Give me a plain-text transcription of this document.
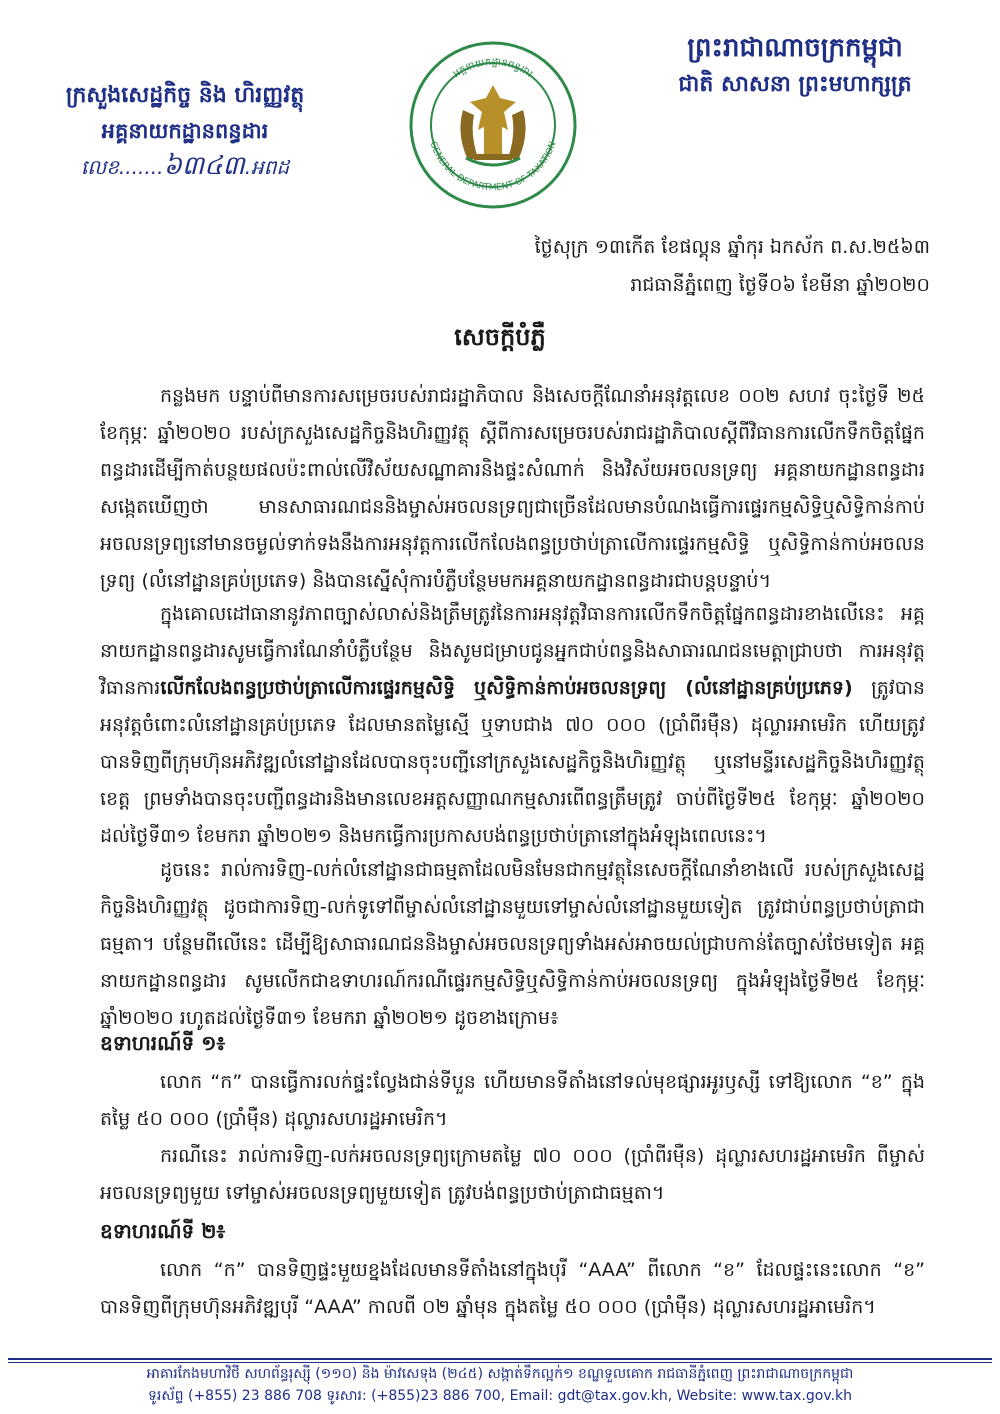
ព្រះរាជាណាចក្រកម្ពុជា
ជាតិ សាសនា ព្រះមហាក្សត្រ
ក្រសួងសេដ្ឋកិច្ច និង ហិរញ្ញវត្ថុ
អគ្គនាយកដ្ឋានពន្ធដារ
លេខ.......៦៣៤៣.អពដ
GENERAL DEPARTMENT OF TAXATION
អគ្គនាយកដ្ឋានពន្ធដារ
ថ្ងៃសុក្រ ១៣កើត ខែផល្គុន ឆ្នាំកុរ ឯកស័ក ព.ស.២៥៦៣
រាជធានីភ្នំពេញ ថ្ងៃទី០៦ ខែមីនា ឆ្នាំ២០២០
សេចក្តីបំភ្លឺ

កន្លងមក បន្ទាប់ពីមានការសម្រេចរបស់រាជរដ្ឋាភិបាល និងសេចក្តីណែនាំអនុវត្តលេខ ០០២ សហវ ចុះថ្ងៃទី ២៥ ខែកុម្ភៈ ឆ្នាំ២០២០ របស់ក្រសួងសេដ្ឋកិច្ចនិងហិរញ្ញវត្ថុ ស្តីពីការសម្រេចរបស់រាជរដ្ឋាភិបាលស្តីពីវិធានការលើកទឹកចិត្តផ្នែកពន្ធដារដើម្បីកាត់បន្ថយផលប៉ះពាល់លើវិស័យសណ្ឋាគារនិងផ្ទះសំណាក់ និងវិស័យអចលនទ្រព្យ អគ្គនាយកដ្ឋានពន្ធដារសង្កេតឃើញថា មានសាធារណជននិងម្ចាស់អចលនទ្រព្យជាច្រើនដែលមានបំណងធ្វើការផ្ទេរកម្មសិទ្ធិឬសិទ្ធិកាន់កាប់អចលនទ្រព្យនៅមានចម្ងល់ទាក់ទងនឹងការអនុវត្តការលើកលែងពន្ធប្រថាប់ត្រាលើការផ្ទេរកម្មសិទ្ធិ ឬសិទ្ធិកាន់កាប់អចលនទ្រព្យ (លំនៅដ្ឋានគ្រប់ប្រភេទ) និងបានស្នើសុំការបំភ្លឺបន្ថែមមកអគ្គនាយកដ្ឋានពន្ធដារជាបន្តបន្ទាប់។

ក្នុងគោលដៅធានានូវភាពច្បាស់លាស់និងត្រឹមត្រូវនៃការអនុវត្តវិធានការលើកទឹកចិត្តផ្នែកពន្ធដារខាងលើនេះ អគ្គនាយកដ្ឋានពន្ធដារសូមធ្វើការណែនាំបំភ្លឺបន្ថែម និងសូមជម្រាបជូនអ្នកជាប់ពន្ធនិងសាធារណជនមេត្តាជ្រាបថា ការអនុវត្តវិធានការលើកលែងពន្ធប្រថាប់ត្រាលើការផ្ទេរកម្មសិទ្ធិ ឬសិទ្ធិកាន់កាប់អចលនទ្រព្យ (លំនៅដ្ឋានគ្រប់ប្រភេទ) ត្រូវបានអនុវត្តចំពោះលំនៅដ្ឋានគ្រប់ប្រភេទ ដែលមានតម្លៃស្មើ ឬទាបជាង ៧០ ០០០ (ប្រាំពីរម៉ឺន) ដុល្លារអាមេរិក ហើយត្រូវបានទិញពីក្រុមហ៊ុនអភិវឌ្ឍលំនៅដ្ឋានដែលបានចុះបញ្ជីនៅក្រសួងសេដ្ឋកិច្ចនិងហិរញ្ញវត្ថុ ឬនៅមន្ទីរសេដ្ឋកិច្ចនិងហិរញ្ញវត្ថុខេត្ត ព្រមទាំងបានចុះបញ្ជីពន្ធដារនិងមានលេខអត្តសញ្ញាណកម្មសារពើពន្ធត្រឹមត្រូវ ចាប់ពីថ្ងៃទី២៥ ខែកុម្ភៈ ឆ្នាំ២០២០ ដល់ថ្ងៃទី៣១ ខែមករា ឆ្នាំ២០២១ និងមកធ្វើការប្រកាសបង់ពន្ធប្រថាប់ត្រានៅក្នុងអំឡុងពេលនេះ។

ដូចនេះ រាល់ការទិញ-លក់លំនៅដ្ឋានជាធម្មតាដែលមិនមែនជាកម្មវត្ថុនៃសេចក្តីណែនាំខាងលើ របស់ក្រសួងសេដ្ឋកិច្ចនិងហិរញ្ញវត្ថុ ដូចជាការទិញ-លក់ទូទៅពីម្ចាស់លំនៅដ្ឋានមួយទៅម្ចាស់លំនៅដ្ឋានមួយទៀត ត្រូវជាប់ពន្ធប្រថាប់ត្រាជាធម្មតា។ បន្ថែមពីលើនេះ ដើម្បីឱ្យសាធារណជននិងម្ចាស់អចលនទ្រព្យទាំងអស់អាចយល់ជ្រាបកាន់តែច្បាស់ថែមទៀត អគ្គនាយកដ្ឋានពន្ធដារ សូមលើកជាឧទាហរណ៍ករណីផ្ទេរកម្មសិទ្ធិឬសិទ្ធិកាន់កាប់អចលនទ្រព្យ ក្នុងអំឡុងថ្ងៃទី២៥ ខែកុម្ភៈ ឆ្នាំ២០២០ រហូតដល់ថ្ងៃទី៣១ ខែមករា ឆ្នាំ២០២១ ដូចខាងក្រោម៖

ឧទាហរណ៍ទី ១៖

លោក “ក” បានធ្វើការលក់ផ្ទះល្វែងជាន់ទីបួន ហើយមានទីតាំងនៅទល់មុខផ្សារអូរឫស្សី ទៅឱ្យលោក “ខ” ក្នុងតម្លៃ ៥០ ០០០ (ប្រាំម៉ឺន) ដុល្លារសហរដ្ឋអាមេរិក។

ករណីនេះ រាល់ការទិញ-លក់អចលនទ្រព្យក្រោមតម្លៃ ៧០ ០០០ (ប្រាំពីរម៉ឺន) ដុល្លារសហរដ្ឋអាមេរិក ពីម្ចាស់អចលនទ្រព្យមួយ ទៅម្ចាស់អចលនទ្រព្យមួយទៀត ត្រូវបង់ពន្ធប្រថាប់ត្រាជាធម្មតា។

ឧទាហរណ៍ទី ២៖

លោក “ក” បានទិញផ្ទះមួយខ្នងដែលមានទីតាំងនៅក្នុងបុរី “AAA” ពីលោក “ខ” ដែលផ្ទះនេះលោក “ខ” បានទិញពីក្រុមហ៊ុនអភិវឌ្ឍបុរី “AAA” កាលពី ០២ ឆ្នាំមុន ក្នុងតម្លៃ ៥០ ០០០ (ប្រាំម៉ឺន) ដុល្លារសហរដ្ឋអាមេរិក។

អាគារកែងមហាវិថី សហព័ន្ធរុស្ស៊ី (១១០) និង ម៉ាវសេទុង (២៤៥) សង្កាត់ទឹកល្អក់១ ខណ្ឌទួលគោក រាជធានីភ្នំពេញ ព្រះរាជាណាចក្រកម្ពុជា
ទូរស័ព្ទ (+855) 23 886 708 ទូរសារ: (+855)23 886 700, Email: gdt@tax.gov.kh, Website: www.tax.gov.kh
